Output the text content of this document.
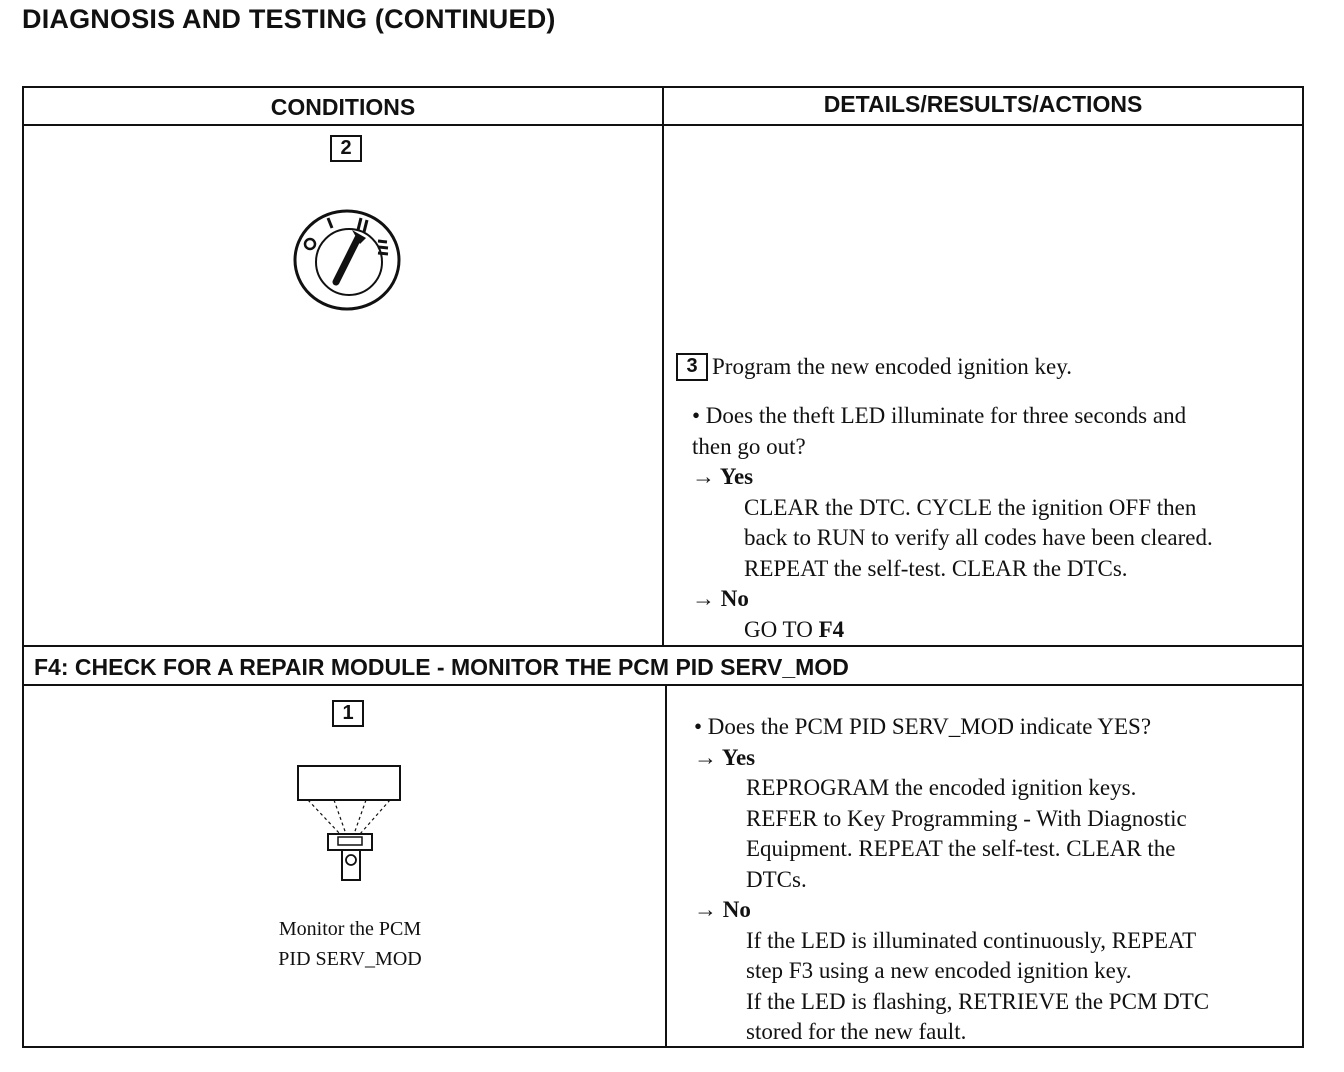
DIAGNOSIS AND TESTING (CONTINUED)
CONDITIONS	DETAILS/RESULTS/ACTIONS
2
3 Program the new encoded ignition key.
• Does the theft LED illuminate for three seconds and
then go out?
→ Yes
CLEAR the DTC. CYCLE the ignition OFF then
back to RUN to verify all codes have been cleared.
REPEAT the self-test. CLEAR the DTCs.
→ No
GO TO F4
F4: CHECK FOR A REPAIR MODULE - MONITOR THE PCM PID SERV_MOD
1
Monitor the PCM
PID SERV_MOD
• Does the PCM PID SERV_MOD indicate YES?
→ Yes
REPROGRAM the encoded ignition keys.
REFER to Key Programming - With Diagnostic
Equipment. REPEAT the self-test. CLEAR the
DTCs.
→ No
If the LED is illuminated continuously, REPEAT
step F3 using a new encoded ignition key.
If the LED is flashing, RETRIEVE the PCM DTC
stored for the new fault.
